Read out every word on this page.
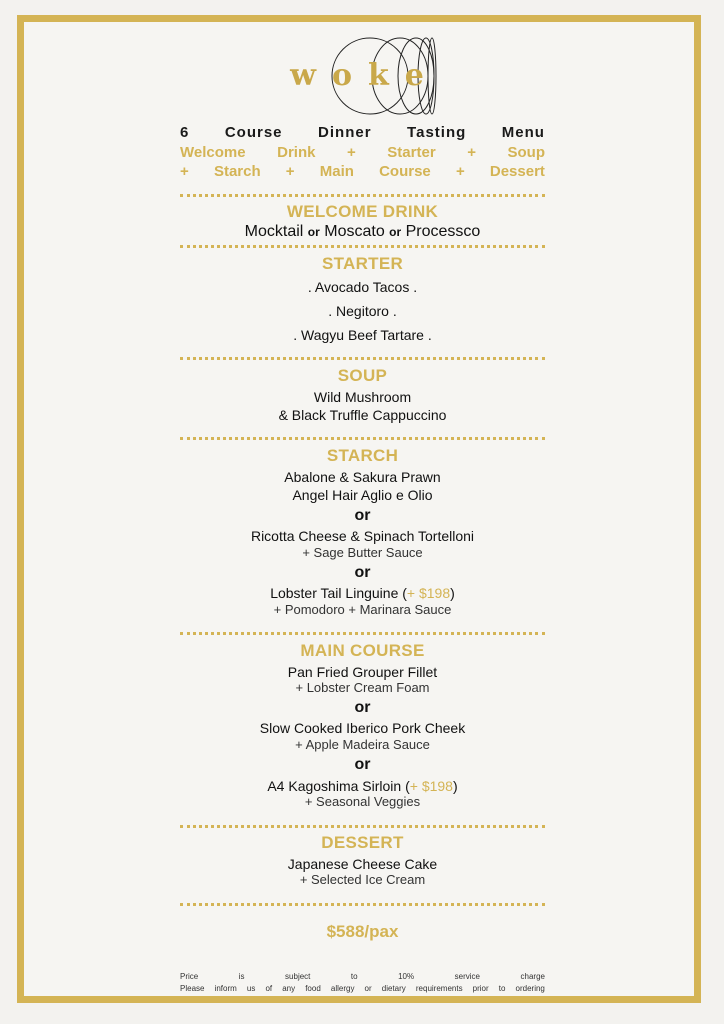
woke
6 Course Dinner Tasting Menu
Welcome Drink + Starter + Soup
+ Starch + Main Course + Dessert
WELCOME DRINK
Mocktail or Moscato or Processco
STARTER
. Avocado Tacos .
. Negitoro .
. Wagyu Beef Tartare .
SOUP
Wild Mushroom
& Black Truffle Cappuccino
STARCH
Abalone & Sakura Prawn
Angel Hair Aglio e Olio
or
Ricotta Cheese & Spinach Tortelloni
+ Sage Butter Sauce
or
Lobster Tail Linguine (+ $198)
+ Pomodoro + Marinara Sauce
MAIN COURSE
Pan Fried Grouper Fillet
+ Lobster Cream Foam
or
Slow Cooked Iberico Pork Cheek
+ Apple Madeira Sauce
or
A4 Kagoshima Sirloin (+ $198)
+ Seasonal Veggies
DESSERT
Japanese Cheese Cake
+ Selected Ice Cream
$588/pax
Price	is	subject	to	10%	service	charge
Please inform us of any food allergy or dietary requirements prior to ordering
